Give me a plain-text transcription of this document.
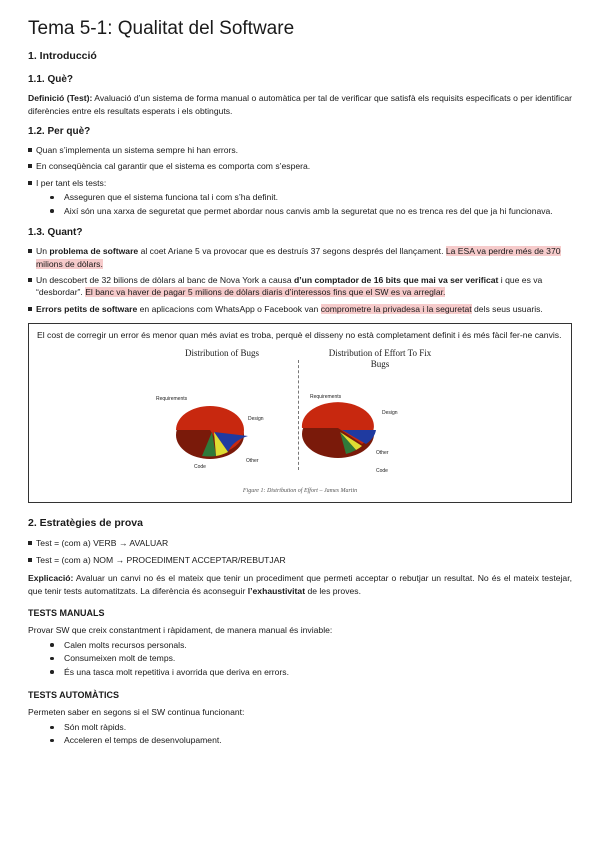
Tema 5-1: Qualitat del Software
1. Introducció
1.1. Què?

Definició (Test): Avaluació d’un sistema de forma manual o automàtica per tal de verificar que satisfà els requisits especificats o per identificar diferències entre els resultats esperats i els obtinguts.

1.2. Per què?
Quan s’implementa un sistema sempre hi han errors.
En conseqüència cal garantir que el sistema es comporta com s’espera.
I per tant els tests:
Asseguren que el sistema funciona tal i com s’ha definit.
Així són una xarxa de seguretat que permet abordar nous canvis amb la seguretat que no es trenca res del que ja hi funcionava.
1.3. Quant?
Un problema de software al coet Ariane 5 va provocar que es destruís 37 segons després del llançament. La ESA va perdre més de 370 milions de dòlars.
Un descobert de 32 bilions de dòlars al banc de Nova York a causa d’un comptador de 16 bits que mai va ser verificat i que es va “desbordar”. El banc va haver de pagar 5 milions de dòlars diaris d’interessos fins que el SW es va arreglar.
Errors petits de software en aplicacions com WhatsApp o Facebook van comprometre la privadesa i la seguretat dels seus usuaris.

El cost de corregir un error és menor quan més aviat es troba, perquè el disseny no està completament definit i és més fàcil fer-ne canvis.

Distribution of Bugs	Distribution of Effort To Fix Bugs
Requirements
Design
Other
Code
Requirements
Design
Other
Code
Figure 1: Distribution of Effort – James Martin
2. Estratègies de prova
Test = (com a) VERB → AVALUAR
Test = (com a) NOM → PROCEDIMENT ACCEPTAR/REBUTJAR

Explicació: Avaluar un canvi no és el mateix que tenir un procediment que permeti acceptar o rebutjar un resultat. No és el mateix testejar, que tenir tests automatitzats. La diferència és aconseguir l’exhaustivitat de les proves.

TESTS MANUALS

Provar SW que creix constantment i ràpidament, de manera manual és inviable:

Calen molts recursos personals.
Consumeixen molt de temps.
És una tasca molt repetitiva i avorrida que deriva en errors.
TESTS AUTOMÀTICS

Permeten saber en segons si el SW continua funcionant:

Són molt ràpids.
Acceleren el temps de desenvolupament.
